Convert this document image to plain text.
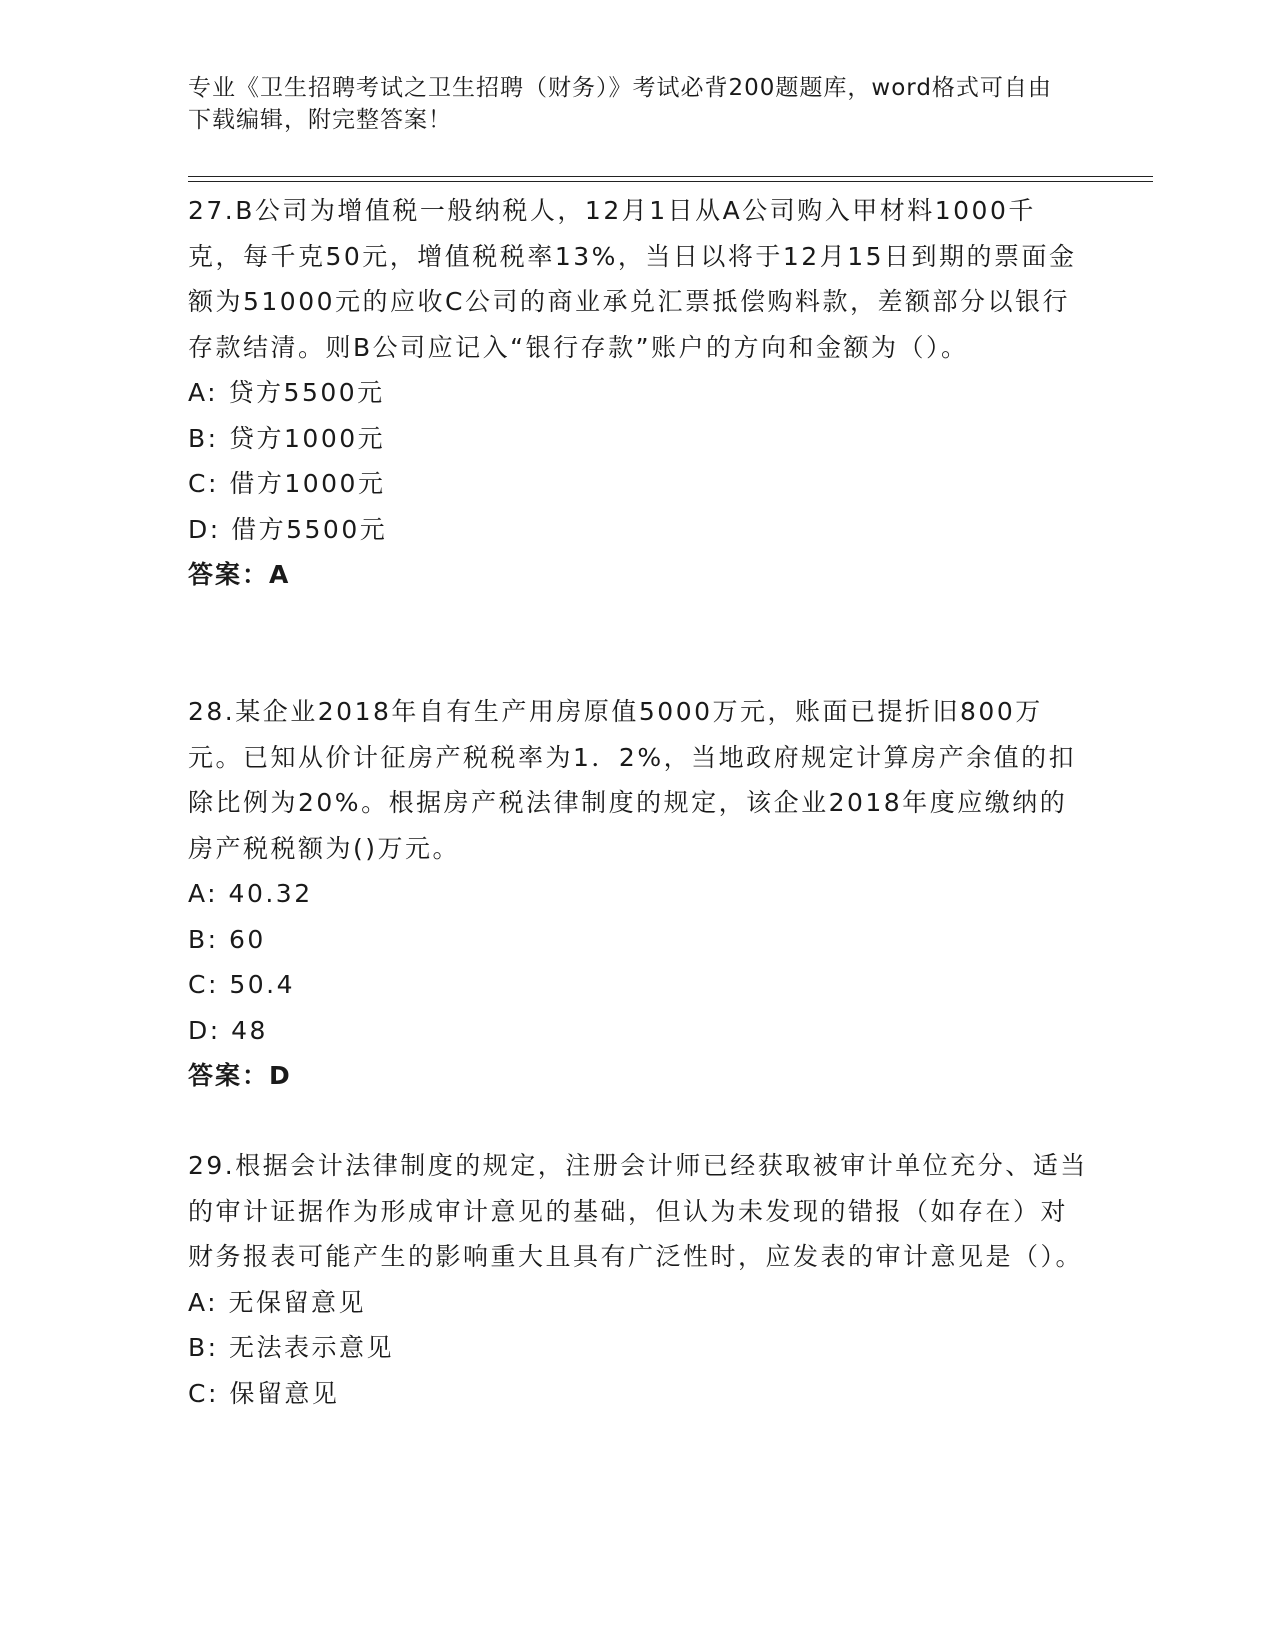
专业《卫生招聘考试之卫生招聘（财务）》考试必背200题题库，word格式可自由下载编辑，附完整答案！

27.B公司为增值税一般纳税人，12月1日从A公司购入甲材料1000千克，每千克50元，增值税税率13%，当日以将于12月15日到期的票面金额为51000元的应收C公司的商业承兑汇票抵偿购料款，差额部分以银行存款结清。则B公司应记入“银行存款”账户的方向和金额为（）。

A: 贷方5500元

B: 贷方1000元

C: 借方1000元

D: 借方5500元

答案：A

28.某企业2018年自有生产用房原值5000万元，账面已提折旧800万元。已知从价计征房产税税率为1．2%，当地政府规定计算房产余值的扣除比例为20%。根据房产税法律制度的规定，该企业2018年度应缴纳的房产税税额为()万元。

A: 40.32

B: 60

C: 50.4

D: 48

答案：D

29.根据会计法律制度的规定，注册会计师已经获取被审计单位充分、适当的审计证据作为形成审计意见的基础，但认为未发现的错报（如存在）对财务报表可能产生的影响重大且具有广泛性时，应发表的审计意见是（）。

A: 无保留意见

B: 无法表示意见

C: 保留意见
